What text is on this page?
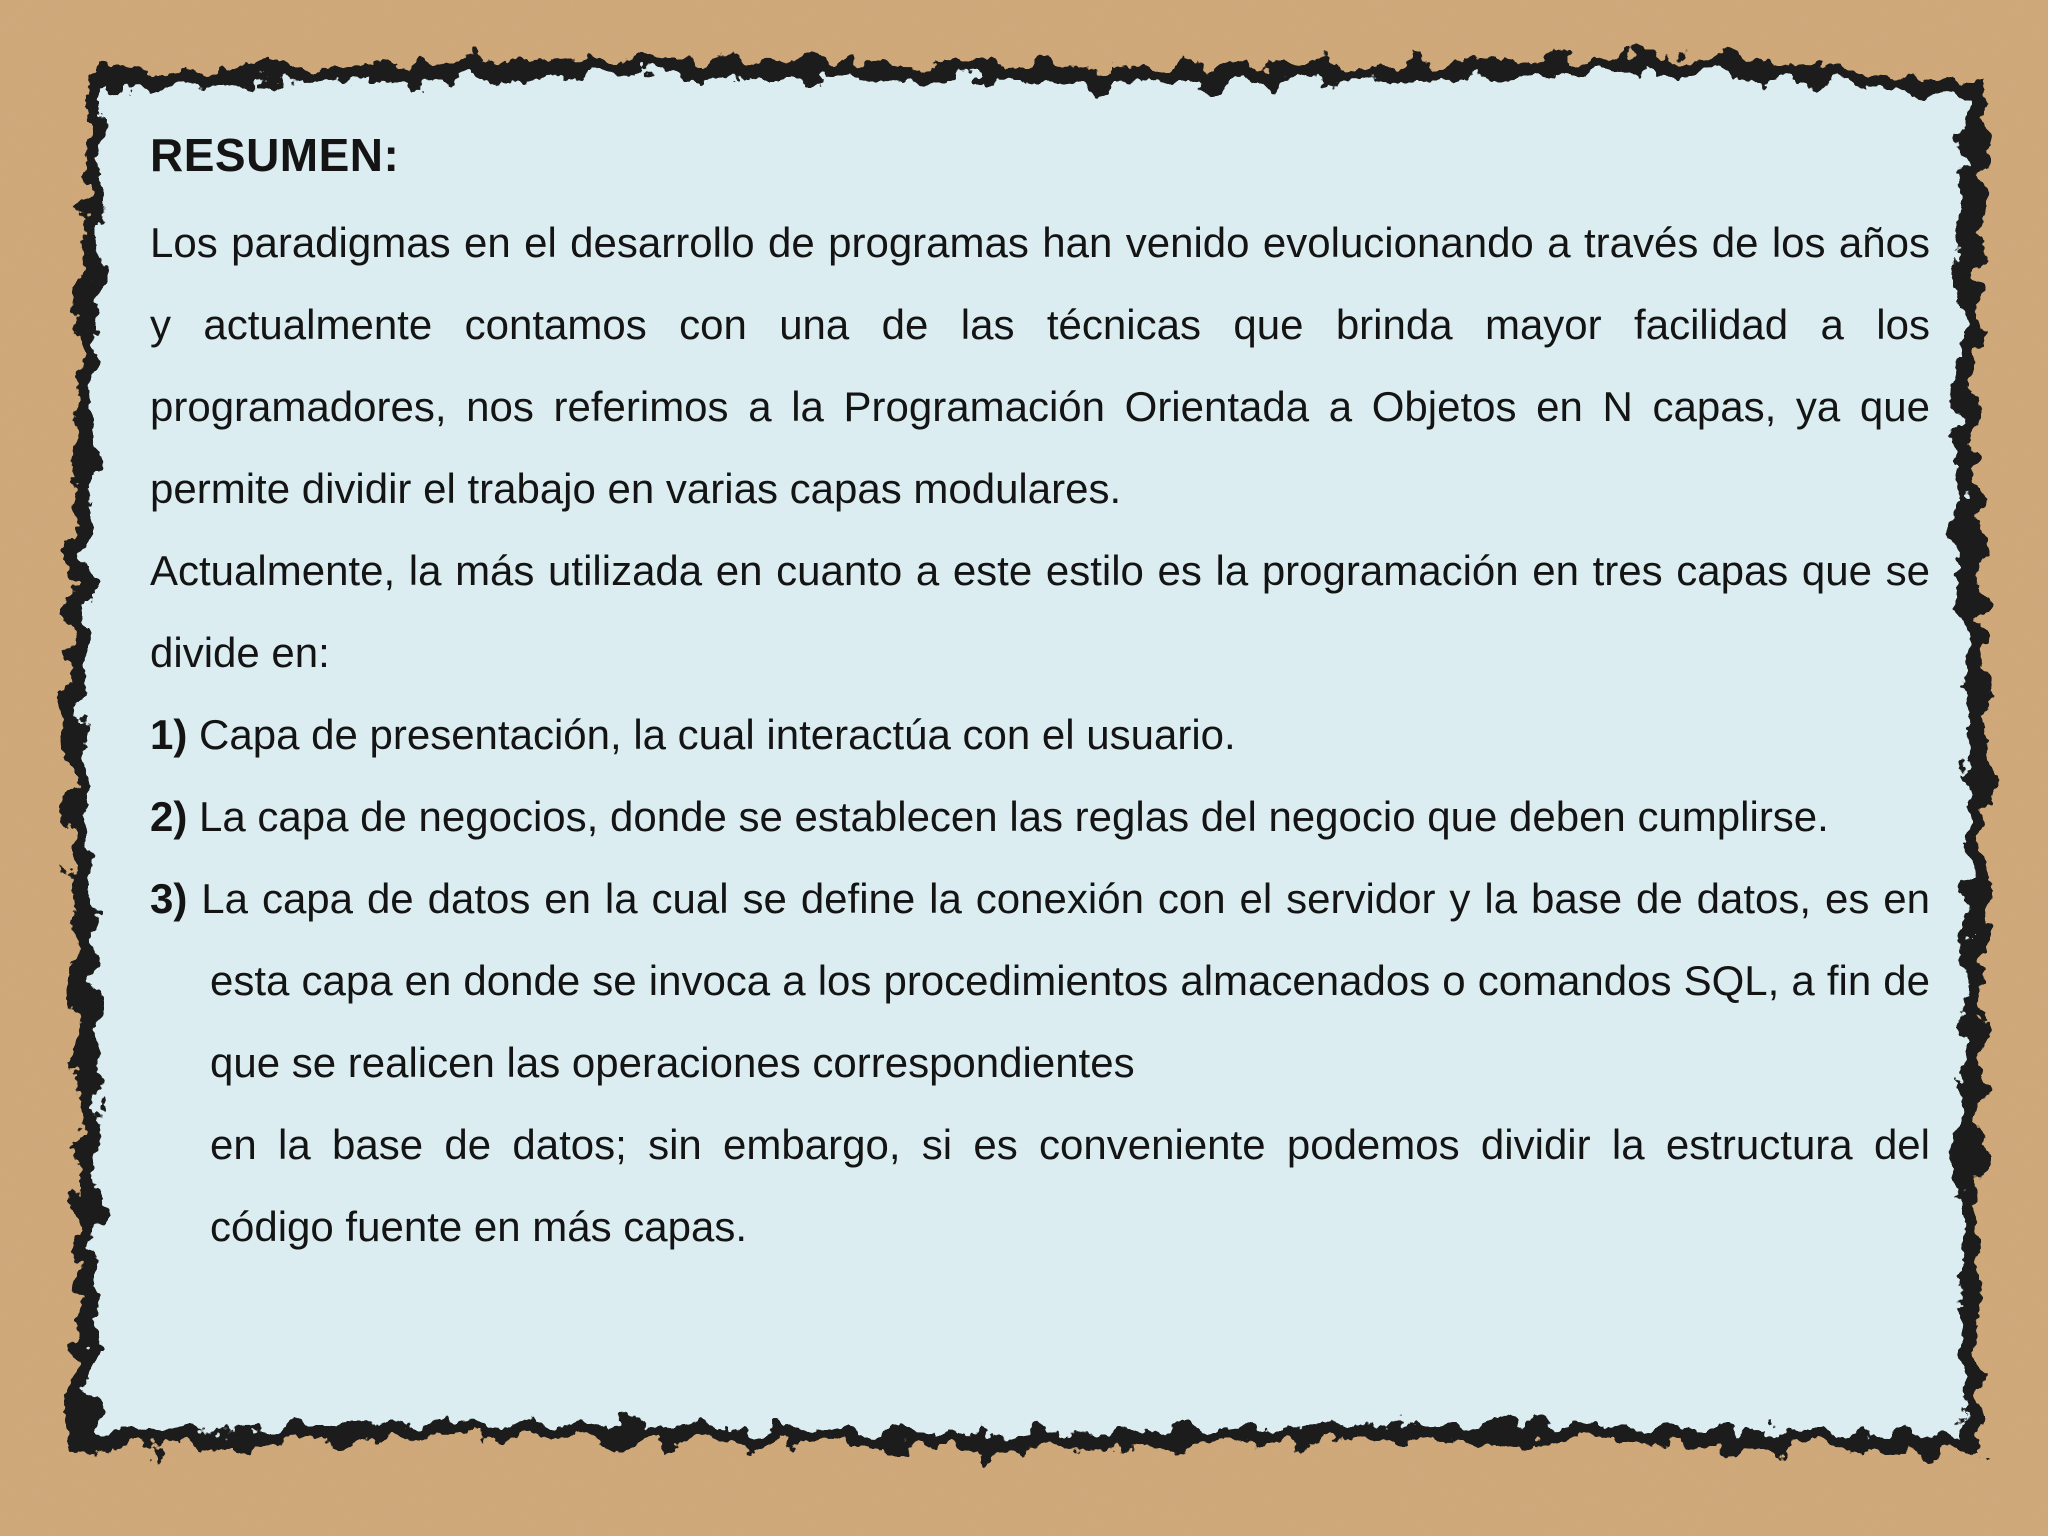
RESUMEN:

Los paradigmas en el desarrollo de programas han venido evolucionando a través de los años y actualmente contamos con una de las técnicas que brinda mayor facilidad a los programadores, nos referimos a la Programación Orientada a Objetos en N capas, ya que permite dividir el trabajo en varias capas modulares.

Actualmente, la más utilizada en cuanto a este estilo es la programación en tres capas que se divide en:

1) Capa de presentación, la cual interactúa con el usuario.

2) La capa de negocios, donde se establecen las reglas del negocio que deben cumplirse.

3) La capa de datos en la cual se define la conexión con el servidor y la base de datos, es en esta capa en donde se invoca a los procedimientos almacenados o comandos SQL, a fin de que se realicen las operaciones correspondientes

en la base de datos; sin embargo, si es conveniente podemos dividir la estructura del código fuente en más capas.
